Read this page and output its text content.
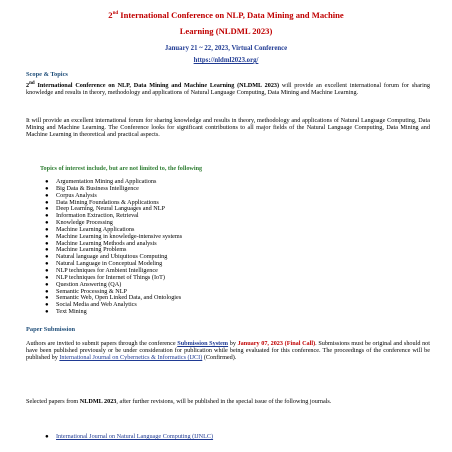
2nd International Conference on NLP, Data Mining and Machine
Learning (NLDML 2023)
January 21 ~ 22, 2023, Virtual Conference
https://nldml2023.org/
Scope & Topics

2nd International Conference on NLP, Data Mining and Machine Learning (NLDML 2023) will provide an excellent international forum for sharing knowledge and results in theory, methodology and applications of Natural Language Computing, Data Mining and Machine Learning.

It will provide an excellent international forum for sharing knowledge and results in theory, methodology and applications of Natural Language Computing, Data Mining and Machine Learning. The Conference looks for significant contributions to all major fields of the Natural Language Computing, Data Mining and Machine Learning in theoretical and practical aspects.

Topics of interest include, but are not limited to, the following
● Argumentation Mining and Applications
● Big Data & Business Intelligence
● Corpus Analysis
● Data Mining Foundations & Applications
● Deep Learning, Neural Languages and NLP
● Information Extraction, Retrieval
● Knowledge Processing
● Machine Learning Applications
● Machine Learning in knowledge-intensive systems
● Machine Learning Methods and analysis
● Machine Learning Problems
● Natural language and Ubiquitous Computing
● Natural Language in Conceptual Modeling
● NLP techniques for Ambient Intelligence
● NLP techniques for Internet of Things (IoT)
● Question Answering (QA)
● Semantic Processing & NLP
● Semantic Web, Open Linked Data, and Ontologies
● Social Media and Web Analytics
● Text Mining
Paper Submission

Authors are invited to submit papers through the conference Submission System by January 07, 2023 (Final Call). Submissions must be original and should not have been published previously or be under consideration for publication while being evaluated for this conference. The proceedings of the conference will be published by International Journal on Cybernetics & Informatics (IJCI) (Confirmed).

Selected papers from NLDML 2023, after further revisions, will be published in the special issue of the following journals.

● International Journal on Natural Language Computing (IJNLC)
